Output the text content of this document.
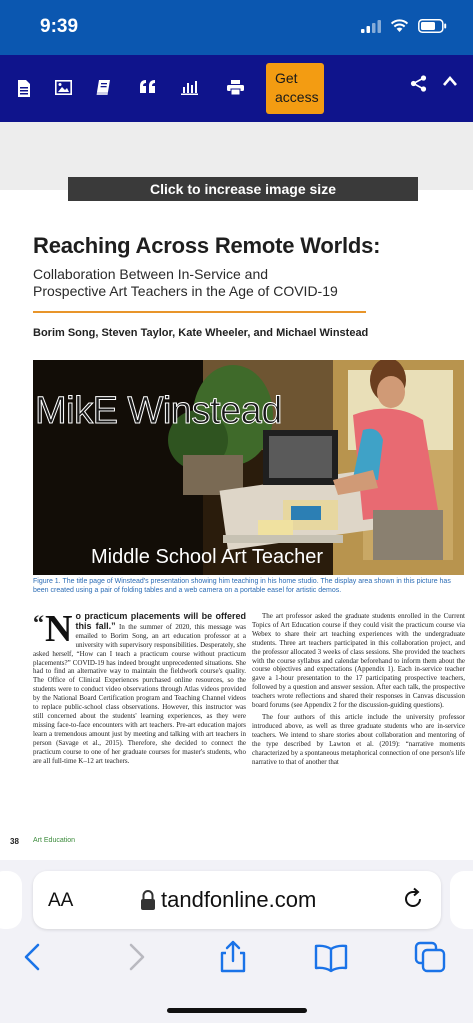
9:39
Get access
Click to increase image size
Reaching Across Remote Worlds:
Collaboration Between In-Service and
Prospective Art Teachers in the Age of COVID-19
Borim Song, Steven Taylor, Kate Wheeler, and Michael Winstead
MikE Winstead
Middle School Art Teacher
Figure 1. The title page of Winstead's presentation showing him teaching in his home studio. The display area shown in this picture has been created using a pair of folding tables and a web camera on a portable easel for artistic demos.
“ N o practicum placements will be offered this fall.” In the summer of 2020, this message was emailed to Borim Song, an art education professor at a university with supervisory responsibilities. Desperately, she asked herself, “How can I teach a practicum course without practicum placements?” COVID-19 has indeed brought unprecedented situations. She had to find an alternative way to maintain the fieldwork course's quality. The Office of Clinical Experiences purchased online resources, so the students were to conduct video observations through Atlas videos provided by the National Board Certification program and Teaching Channel videos to replace public-school class observations. However, this instructor was still concerned about the students' learning experiences, as they were missing face-to-face encounters with art teachers. Pre-art education majors learn a tremendous amount just by meeting and talking with art teachers in person (Savage et al., 2015). Therefore, she decided to connect the practicum course to one of her graduate courses for master's students, who are all full-time K–12 art teachers.
The art professor asked the graduate students enrolled in the Current Topics of Art Education course if they could visit the practicum course via Webex to share their art teaching experiences with the undergraduate students. Three art teachers participated in this collaboration project, and the professor allocated 3 weeks of class sessions. She provided the teachers with the course syllabus and calendar beforehand to inform them about the course objectives and expectations (Appendix 1). Each in-service teacher gave a 1-hour presentation to the 17 participating prospective teachers, followed by a question and answer session. After each talk, the prospective teachers wrote reflections and shared their responses in Canvas discussion board forums (see Appendix 2 for the discussion-guiding questions).
The four authors of this article include the university professor introduced above, as well as three graduate students who are in-service teachers. We intend to share stories about collaboration and mentoring of the type described by Lawton et al. (2019): “narrative moments characterized by a spontaneous metaphorical connection of one person's life narrative to that of another that
38 Art Education
AA	tandfonline.com
